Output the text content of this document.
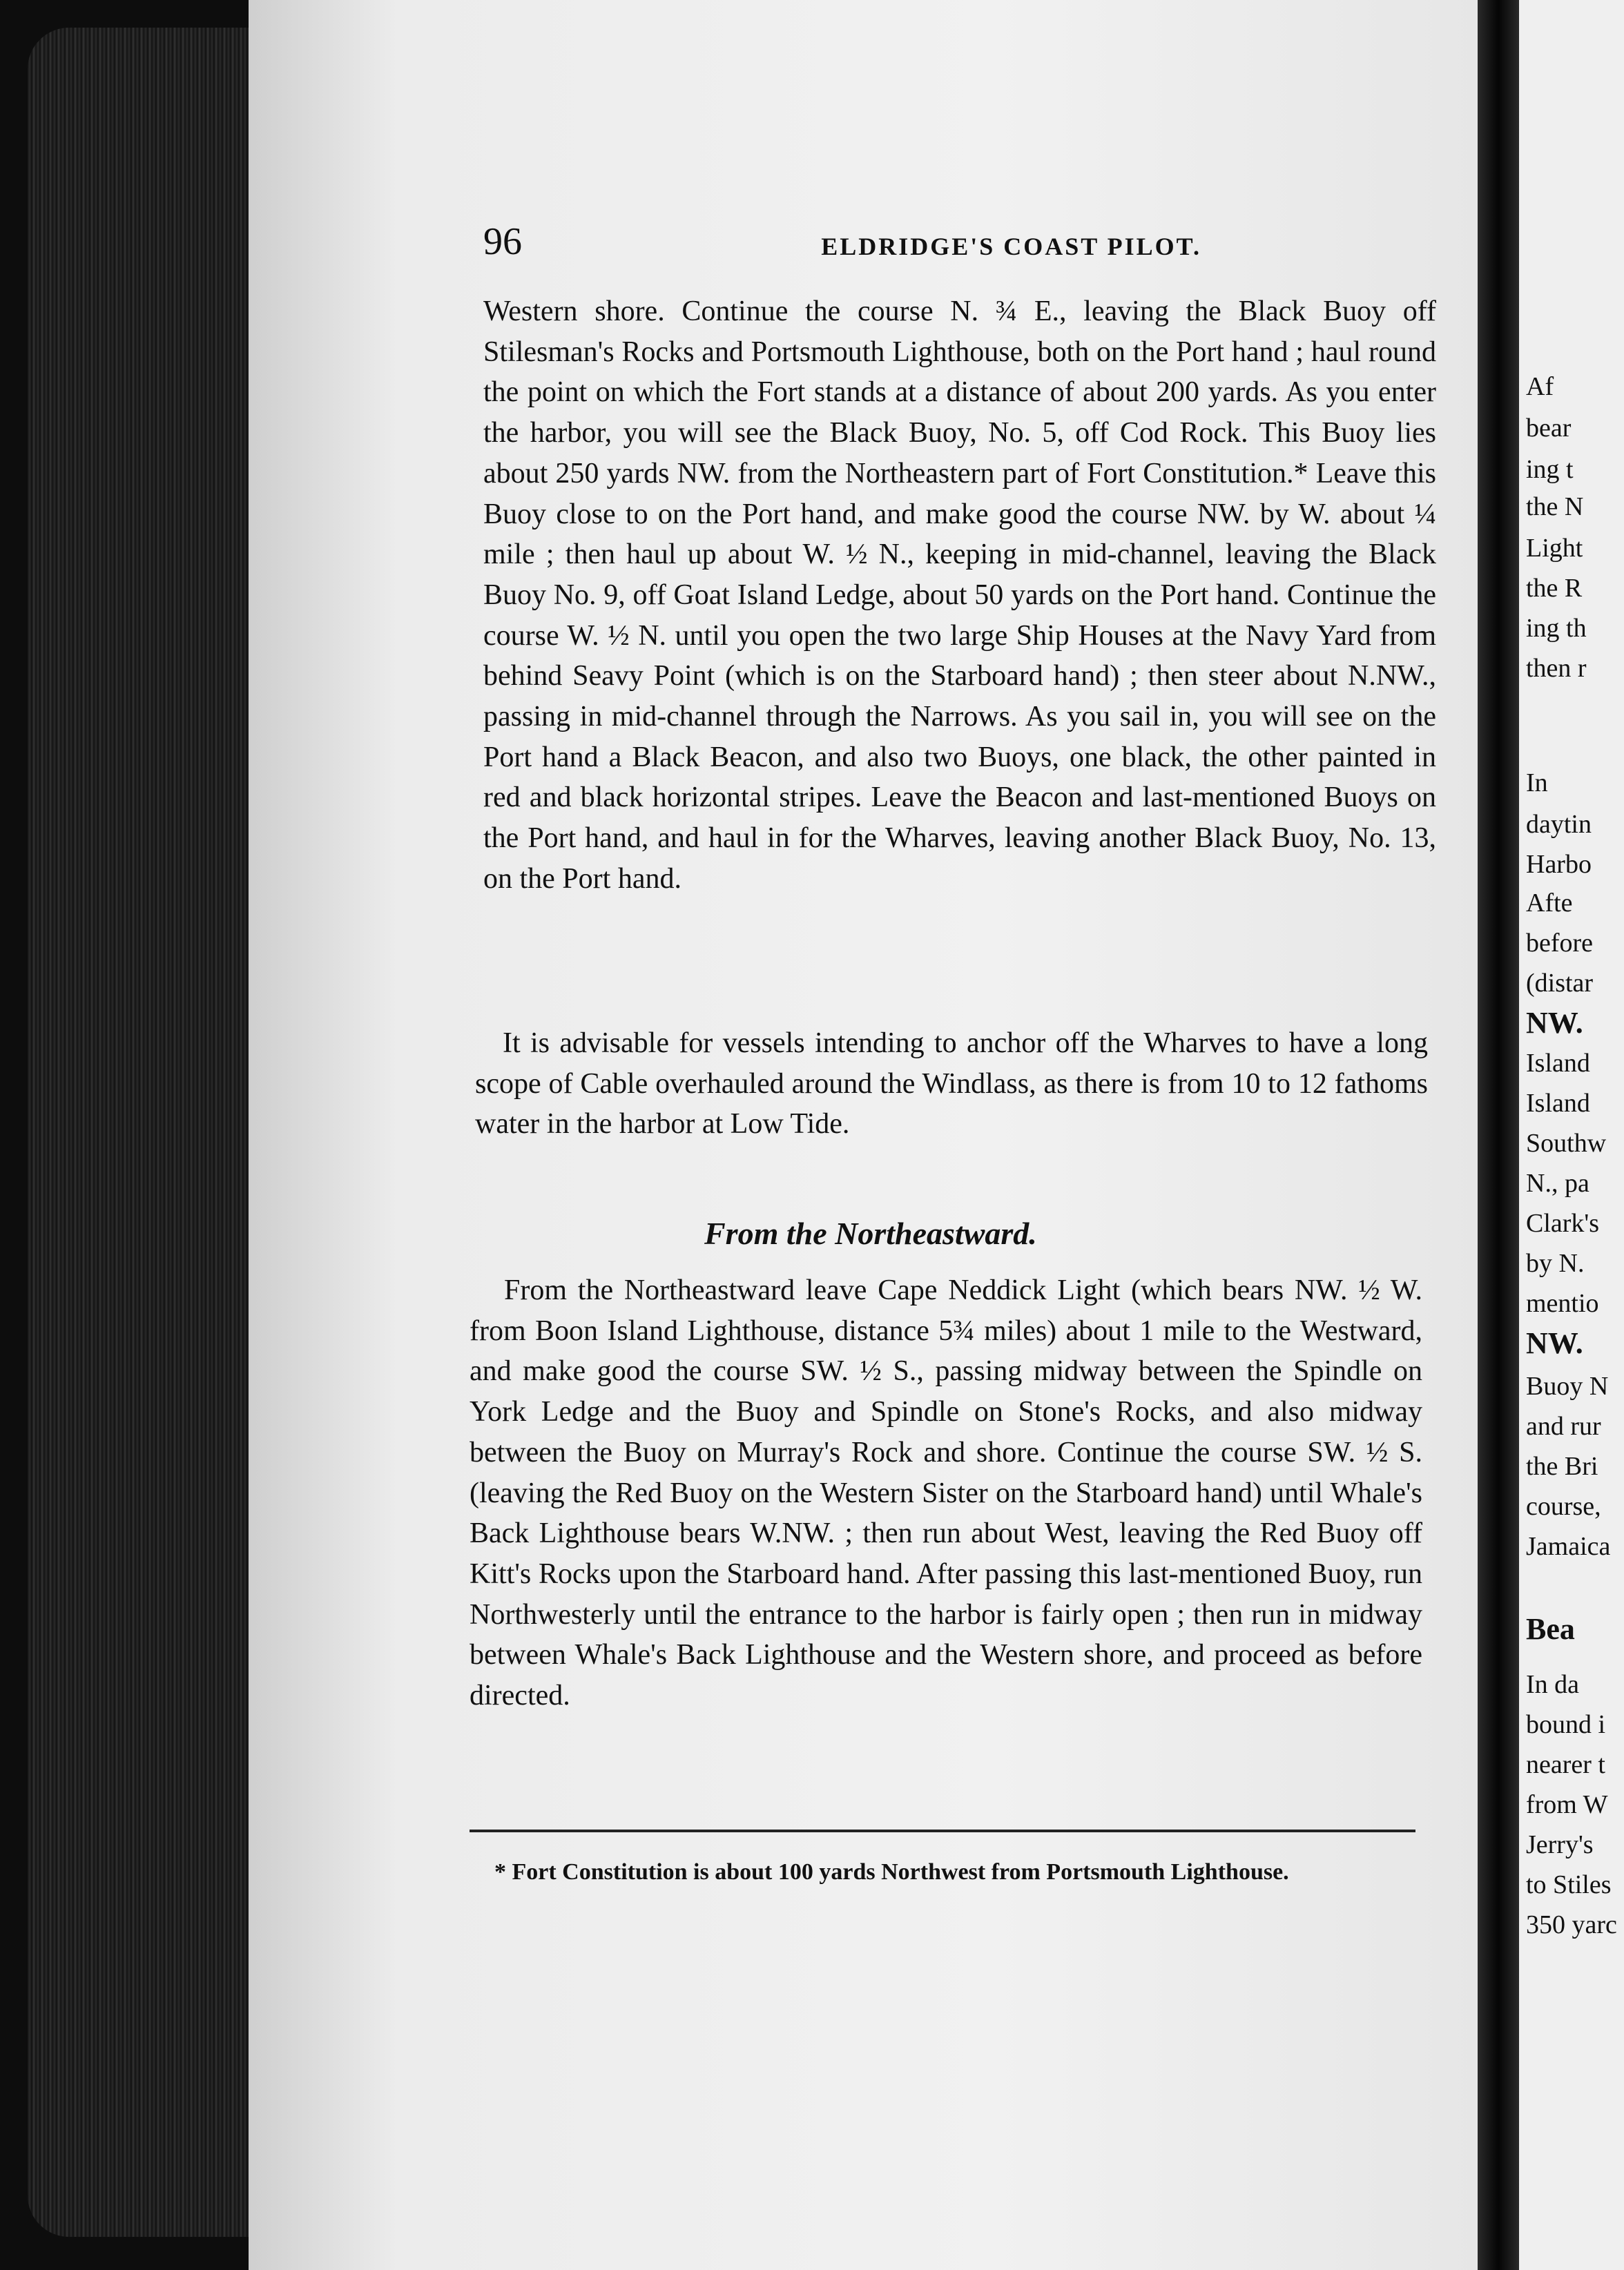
96	ELDRIDGE'S COAST PILOT.
Western shore. Continue the course N. ¾ E., leaving the Black Buoy off Stilesman's Rocks and Portsmouth Lighthouse, both on the Port hand ; haul round the point on which the Fort stands at a distance of about 200 yards. As you enter the harbor, you will see the Black Buoy, No. 5, off Cod Rock. This Buoy lies about 250 yards NW. from the Northeastern part of Fort Constitution.* Leave this Buoy close to on the Port hand, and make good the course NW. by W. about ¼ mile ; then haul up about W. ½ N., keeping in mid-channel, leaving the Black Buoy No. 9, off Goat Island Ledge, about 50 yards on the Port hand. Continue the course W. ½ N. until you open the two large Ship Houses at the Navy Yard from behind Seavy Point (which is on the Starboard hand) ; then steer about N.NW., passing in mid-channel through the Narrows. As you sail in, you will see on the Port hand a Black Beacon, and also two Buoys, one black, the other painted in red and black horizontal stripes. Leave the Beacon and last-mentioned Buoys on the Port hand, and haul in for the Wharves, leaving another Black Buoy, No. 13, on the Port hand.
It is advisable for vessels intending to anchor off the Wharves to have a long scope of Cable overhauled around the Windlass, as there is from 10 to 12 fathoms water in the harbor at Low Tide.
From the Northeastward.
From the Northeastward leave Cape Neddick Light (which bears NW. ½ W. from Boon Island Lighthouse, distance 5¾ miles) about 1 mile to the Westward, and make good the course SW. ½ S., passing midway between the Spindle on York Ledge and the Buoy and Spindle on Stone's Rocks, and also midway between the Buoy on Murray's Rock and shore. Continue the course SW. ½ S. (leaving the Red Buoy on the Western Sister on the Starboard hand) until Whale's Back Lighthouse bears W.NW. ; then run about West, leaving the Red Buoy off Kitt's Rocks upon the Starboard hand. After passing this last-mentioned Buoy, run Northwesterly until the entrance to the harbor is fairly open ; then run in midway between Whale's Back Lighthouse and the Western shore, and proceed as before directed.
* Fort Constitution is about 100 yards Northwest from Portsmouth Lighthouse.
Af
bear
ing t
the N
Light
the R
ing th
then r
In
daytin
Harbo
Afte
before
(distar
NW.
Island
Island
Southw
N., pa
Clark's
by N.
mentio
NW.
Buoy N
and rur
the Bri
course,
Jamaica
Bea
In da
bound i
nearer t
from W
Jerry's
to Stiles
350 yarc
